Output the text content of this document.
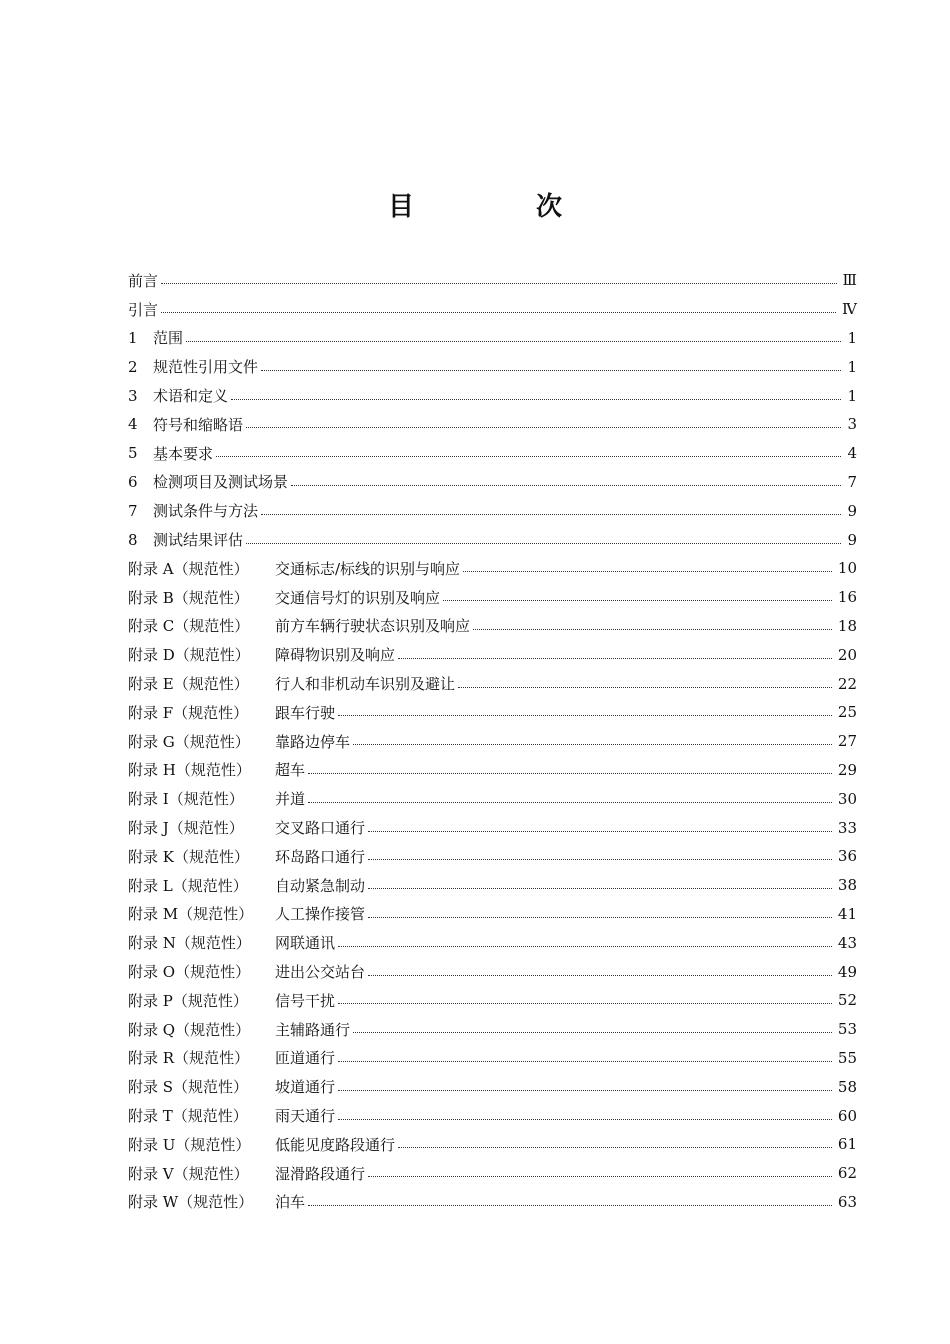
目　次
前言	Ⅲ
引言	Ⅳ
1	范围	1
2	规范性引用文件	1
3	术语和定义	1
4	符号和缩略语	3
5	基本要求	4
6	检测项目及测试场景	7
7	测试条件与方法	9
8	测试结果评估	9
附录 A（规范性）	交通标志/标线的识别与响应	10
附录 B（规范性）	交通信号灯的识别及响应	16
附录 C（规范性）	前方车辆行驶状态识别及响应	18
附录 D（规范性）	障碍物识别及响应	20
附录 E（规范性）	行人和非机动车识别及避让	22
附录 F（规范性）	跟车行驶	25
附录 G（规范性）	靠路边停车	27
附录 H（规范性）	超车	29
附录 I（规范性）	并道	30
附录 J（规范性）	交叉路口通行	33
附录 K（规范性）	环岛路口通行	36
附录 L（规范性）	自动紧急制动	38
附录 M（规范性）	人工操作接管	41
附录 N（规范性）	网联通讯	43
附录 O（规范性）	进出公交站台	49
附录 P（规范性）	信号干扰	52
附录 Q（规范性）	主辅路通行	53
附录 R（规范性）	匝道通行	55
附录 S（规范性）	坡道通行	58
附录 T（规范性）	雨天通行	60
附录 U（规范性）	低能见度路段通行	61
附录 V（规范性）	湿滑路段通行	62
附录 W（规范性）	泊车	63
